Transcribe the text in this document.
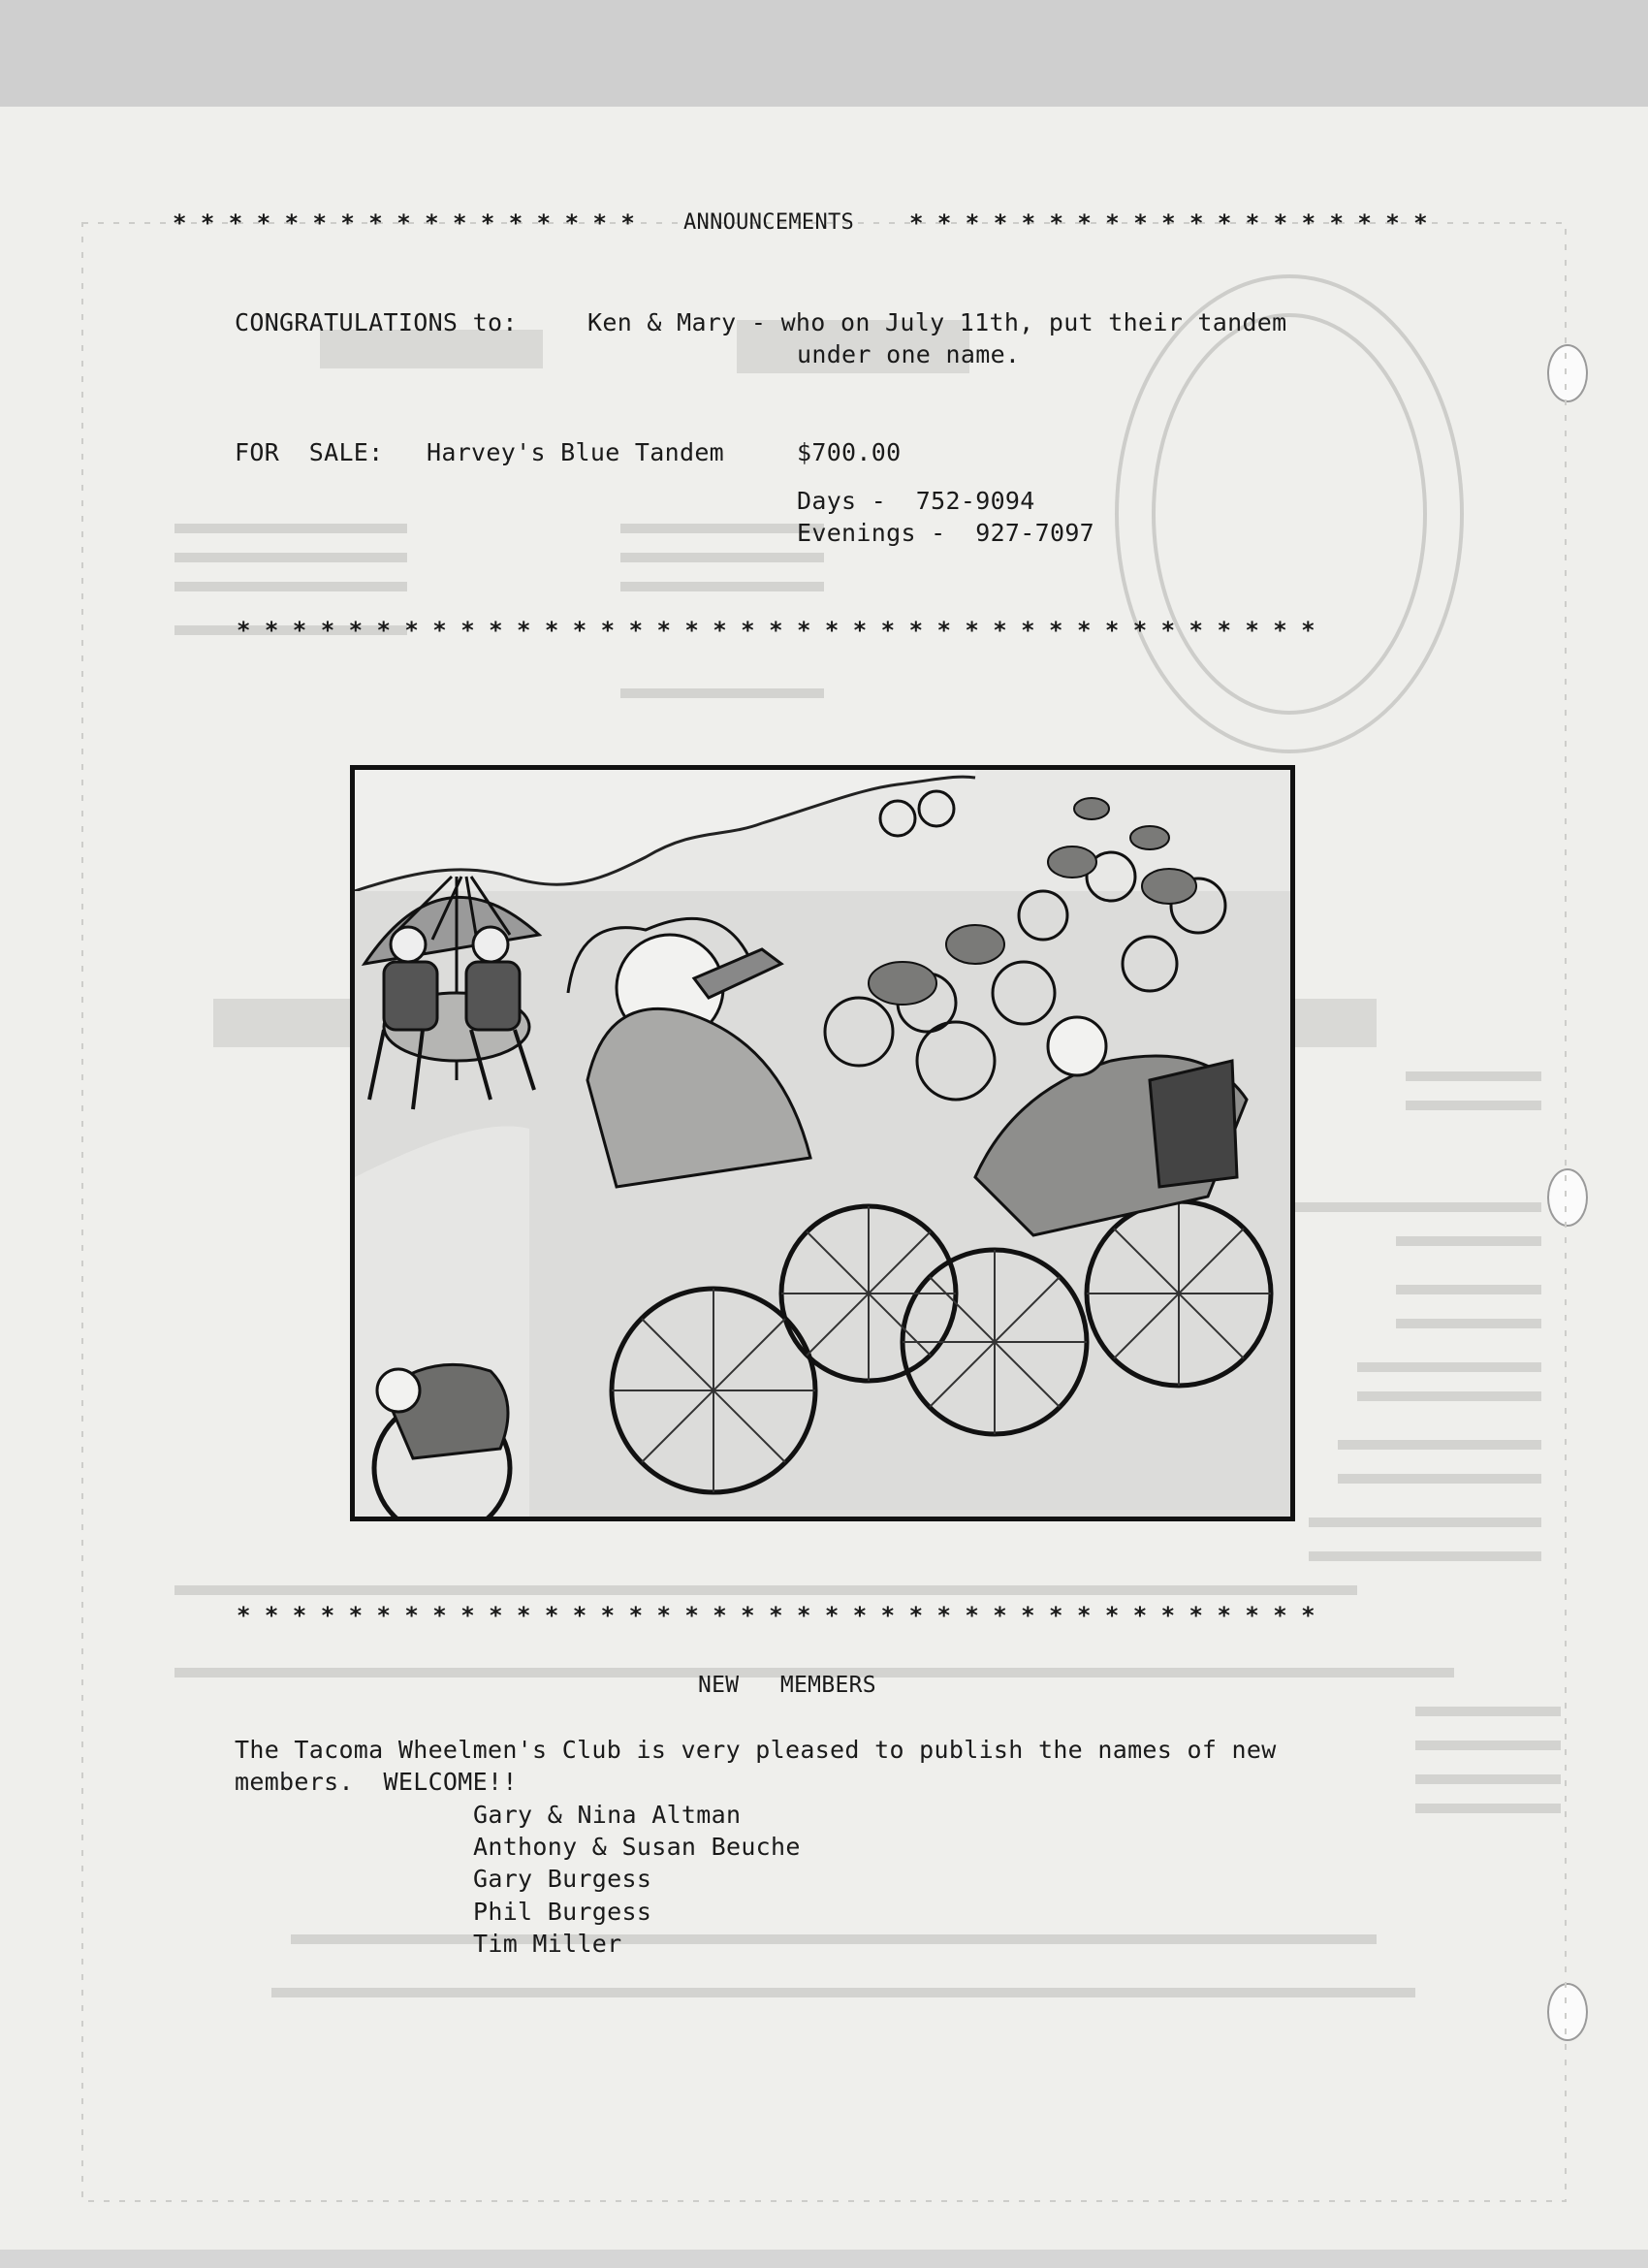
* * * * * * * * * * * * * * * * * ANNOUNCEMENTS * * * * * * * * * * * * * * * * * * *
CONGRATULATIONS to:	Ken & Mary - who on July 11th, put their tandem
under one name.
FOR  SALE: Harvey's Blue Tandem	$700.00
Days -  752-9094
Evenings -  927-7097
* * * * * * * * * * * * * * * * * * * * * * * * * * * * * * * * * * * * * * *
* * * * * * * * * * * * * * * * * * * * * * * * * * * * * * * * * * * * * * *
NEW   MEMBERS
The Tacoma Wheelmen's Club is very pleased to publish the names of new
members.  WELCOME!!
Gary & Nina Altman
Anthony & Susan Beuche
Gary Burgess
Phil Burgess
Tim Miller
